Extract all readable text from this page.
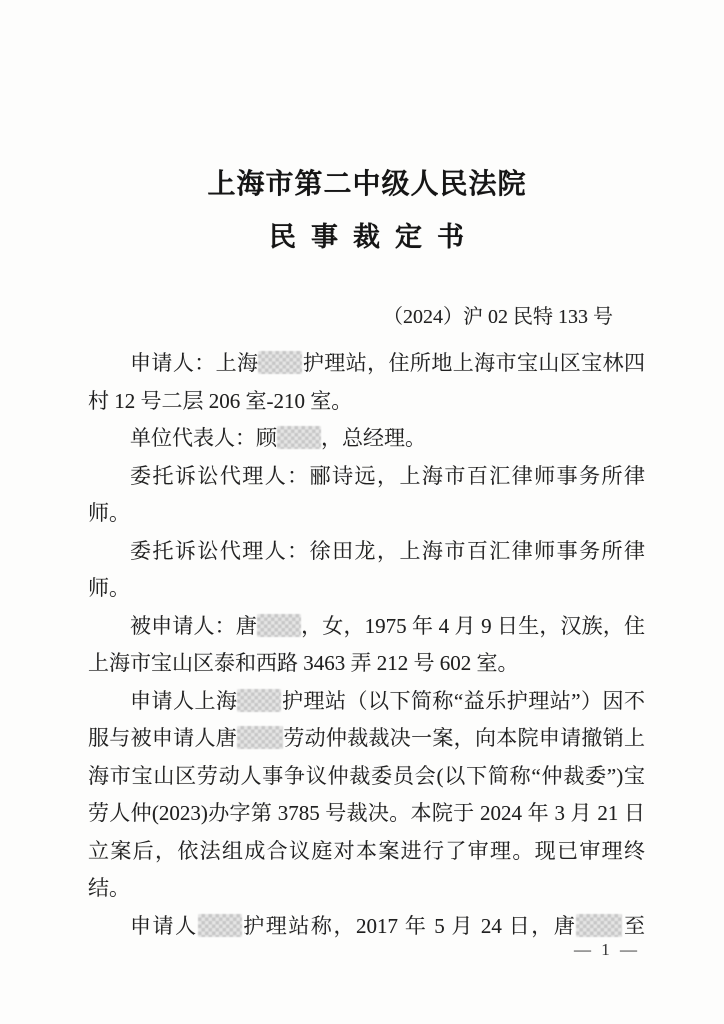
上海市第二中级人民法院
民事裁定书
（2024）沪 02 民特 133 号

申请人：上海 护理站，住所地上海市宝山区宝林四村 12 号二层 206 室-210 室。

单位代表人：顾 ，总经理。

委托诉讼代理人：郦诗远，上海市百汇律师事务所律师。

委托诉讼代理人：徐田龙，上海市百汇律师事务所律师。

被申请人：唐 ，女，1975 年 4 月 9 日生，汉族，住上海市宝山区泰和西路 3463 弄 212 号 602 室。

申请人上海 护理站（以下简称“益乐护理站”）因不服与被申请人唐 劳动仲裁裁决一案，向本院申请撤销上海市宝山区劳动人事争议仲裁委员会(以下简称“仲裁委”)宝劳人仲(2023)办字第 3785 号裁决。本院于 2024 年 3 月 21 日立案后，依法组成合议庭对本案进行了审理。现已审理终结。

申请人 护理站称，2017 年 5 月 24 日，唐 至

— 1 —
